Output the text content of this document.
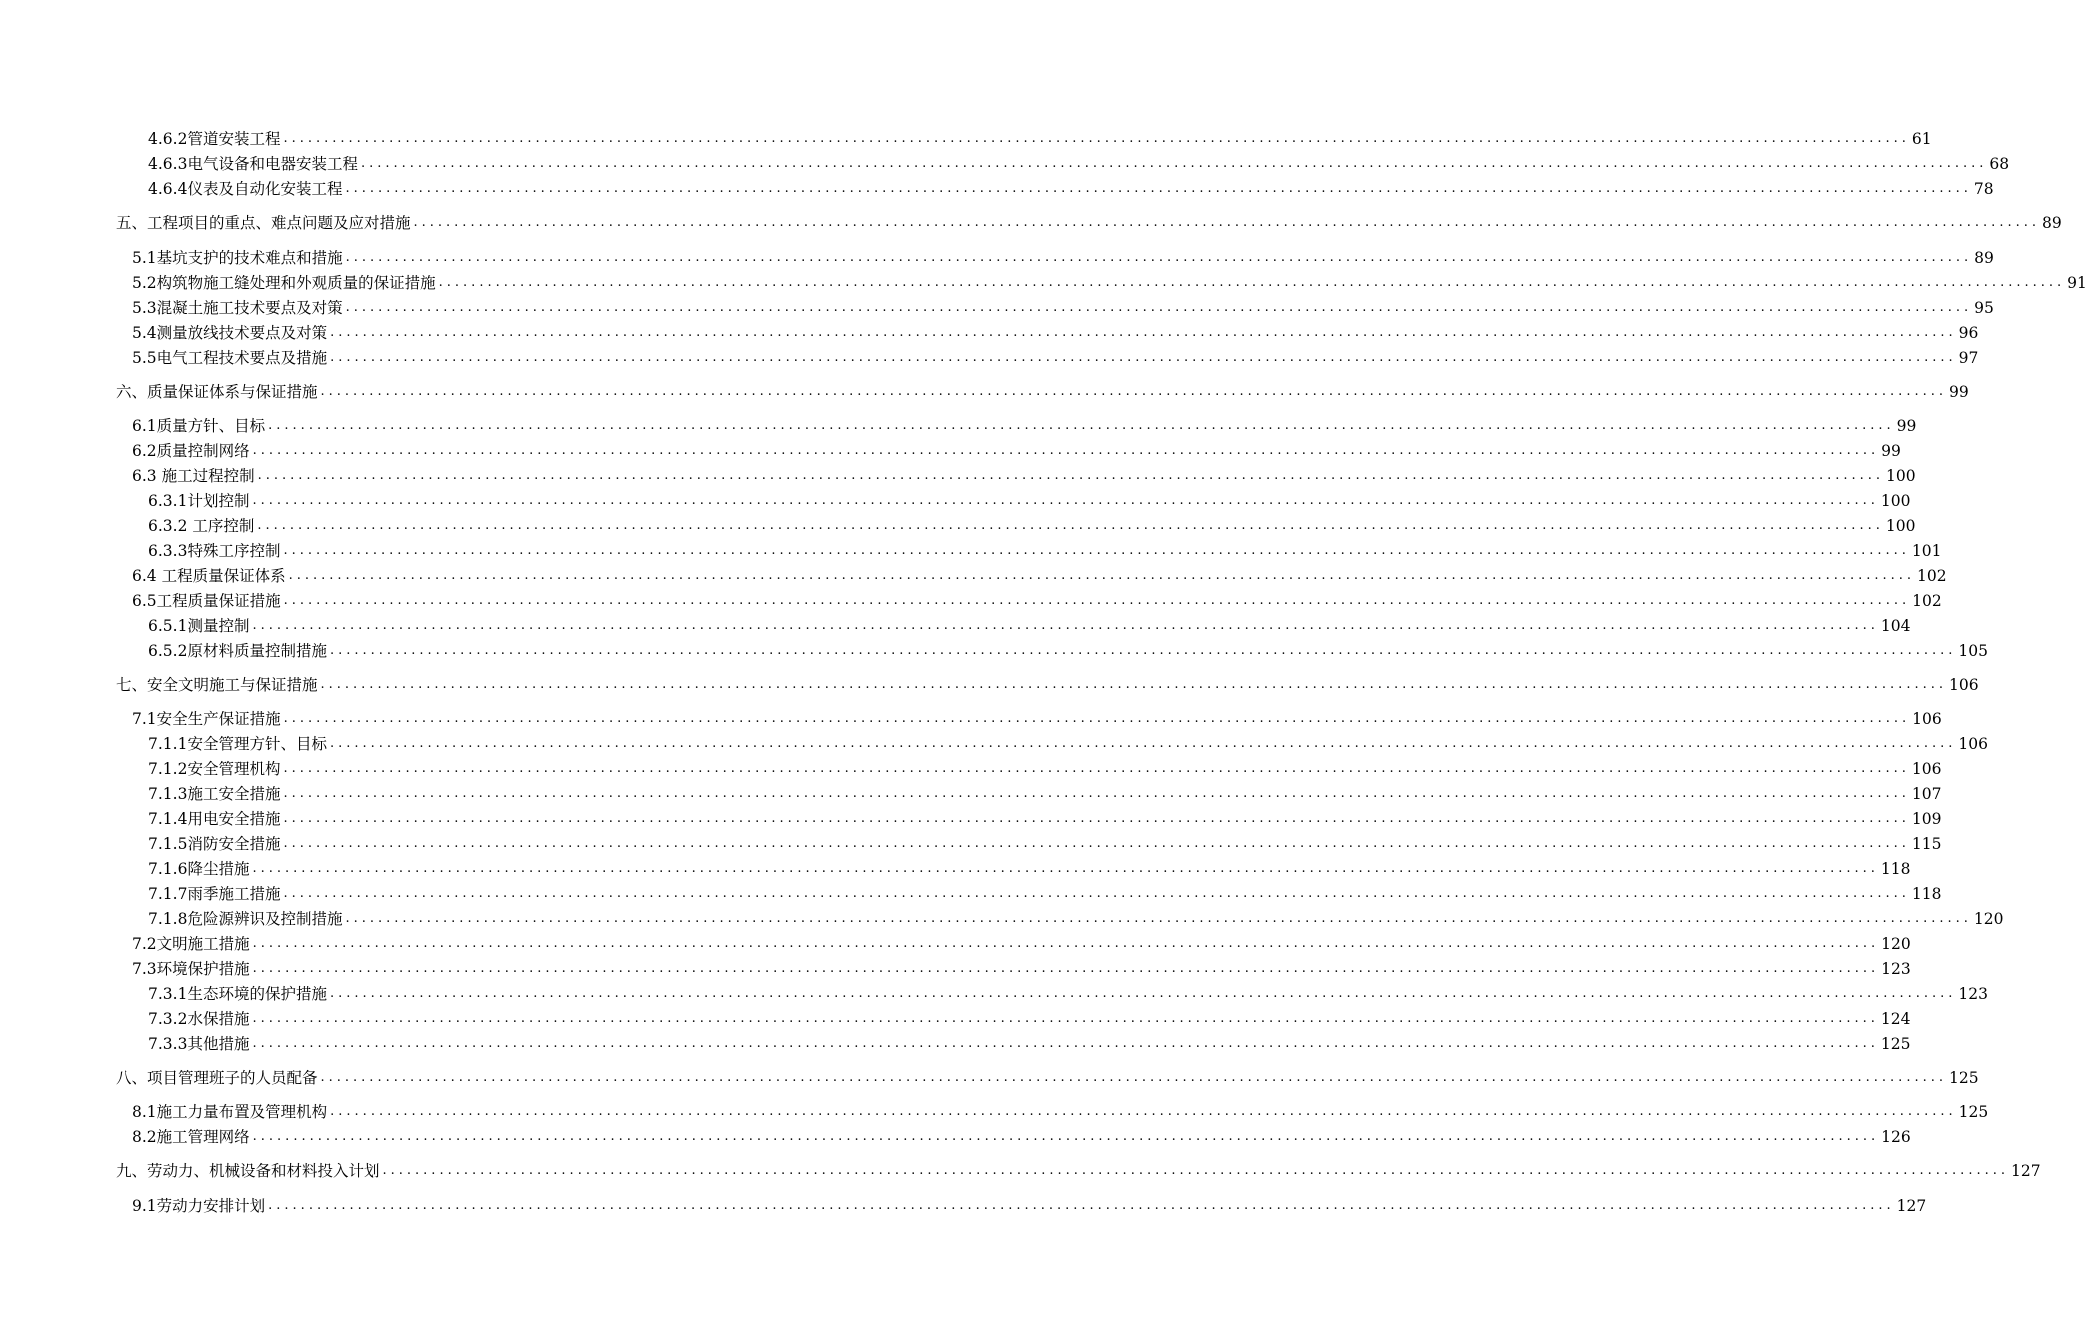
4.6.2管道安装工程 ........................................................................................................................................................................................................ 61
4.6.3电气设备和电器安装工程 ........................................................................................................................................................................................................ 68
4.6.4仪表及自动化安装工程 ........................................................................................................................................................................................................ 78
五、工程项目的重点、难点问题及应对措施 ........................................................................................................................................................................................................ 89
5.1基坑支护的技术难点和措施 ........................................................................................................................................................................................................ 89
5.2构筑物施工缝处理和外观质量的保证措施 ........................................................................................................................................................................................................ 91
5.3混凝土施工技术要点及对策 ........................................................................................................................................................................................................ 95
5.4测量放线技术要点及对策 ........................................................................................................................................................................................................ 96
5.5电气工程技术要点及措施 ........................................................................................................................................................................................................ 97
六、质量保证体系与保证措施 ........................................................................................................................................................................................................ 99
6.1质量方针、目标 ........................................................................................................................................................................................................ 99
6.2质量控制网络 ........................................................................................................................................................................................................ 99
6.3 施工过程控制 ........................................................................................................................................................................................................ 100
6.3.1计划控制 ........................................................................................................................................................................................................ 100
6.3.2 工序控制 ........................................................................................................................................................................................................ 100
6.3.3特殊工序控制 ........................................................................................................................................................................................................ 101
6.4 工程质量保证体系 ........................................................................................................................................................................................................ 102
6.5工程质量保证措施 ........................................................................................................................................................................................................ 102
6.5.1测量控制 ........................................................................................................................................................................................................ 104
6.5.2原材料质量控制措施 ........................................................................................................................................................................................................ 105
七、安全文明施工与保证措施 ........................................................................................................................................................................................................ 106
7.1安全生产保证措施 ........................................................................................................................................................................................................ 106
7.1.1安全管理方针、目标 ........................................................................................................................................................................................................ 106
7.1.2安全管理机构 ........................................................................................................................................................................................................ 106
7.1.3施工安全措施 ........................................................................................................................................................................................................ 107
7.1.4用电安全措施 ........................................................................................................................................................................................................ 109
7.1.5消防安全措施 ........................................................................................................................................................................................................ 115
7.1.6降尘措施 ........................................................................................................................................................................................................ 118
7.1.7雨季施工措施 ........................................................................................................................................................................................................ 118
7.1.8危险源辨识及控制措施 ........................................................................................................................................................................................................ 120
7.2文明施工措施 ........................................................................................................................................................................................................ 120
7.3环境保护措施 ........................................................................................................................................................................................................ 123
7.3.1生态环境的保护措施 ........................................................................................................................................................................................................ 123
7.3.2水保措施 ........................................................................................................................................................................................................ 124
7.3.3其他措施 ........................................................................................................................................................................................................ 125
八、项目管理班子的人员配备 ........................................................................................................................................................................................................ 125
8.1施工力量布置及管理机构 ........................................................................................................................................................................................................ 125
8.2施工管理网络 ........................................................................................................................................................................................................ 126
九、劳动力、机械设备和材料投入计划 ........................................................................................................................................................................................................ 127
9.1劳动力安排计划 ........................................................................................................................................................................................................ 127
